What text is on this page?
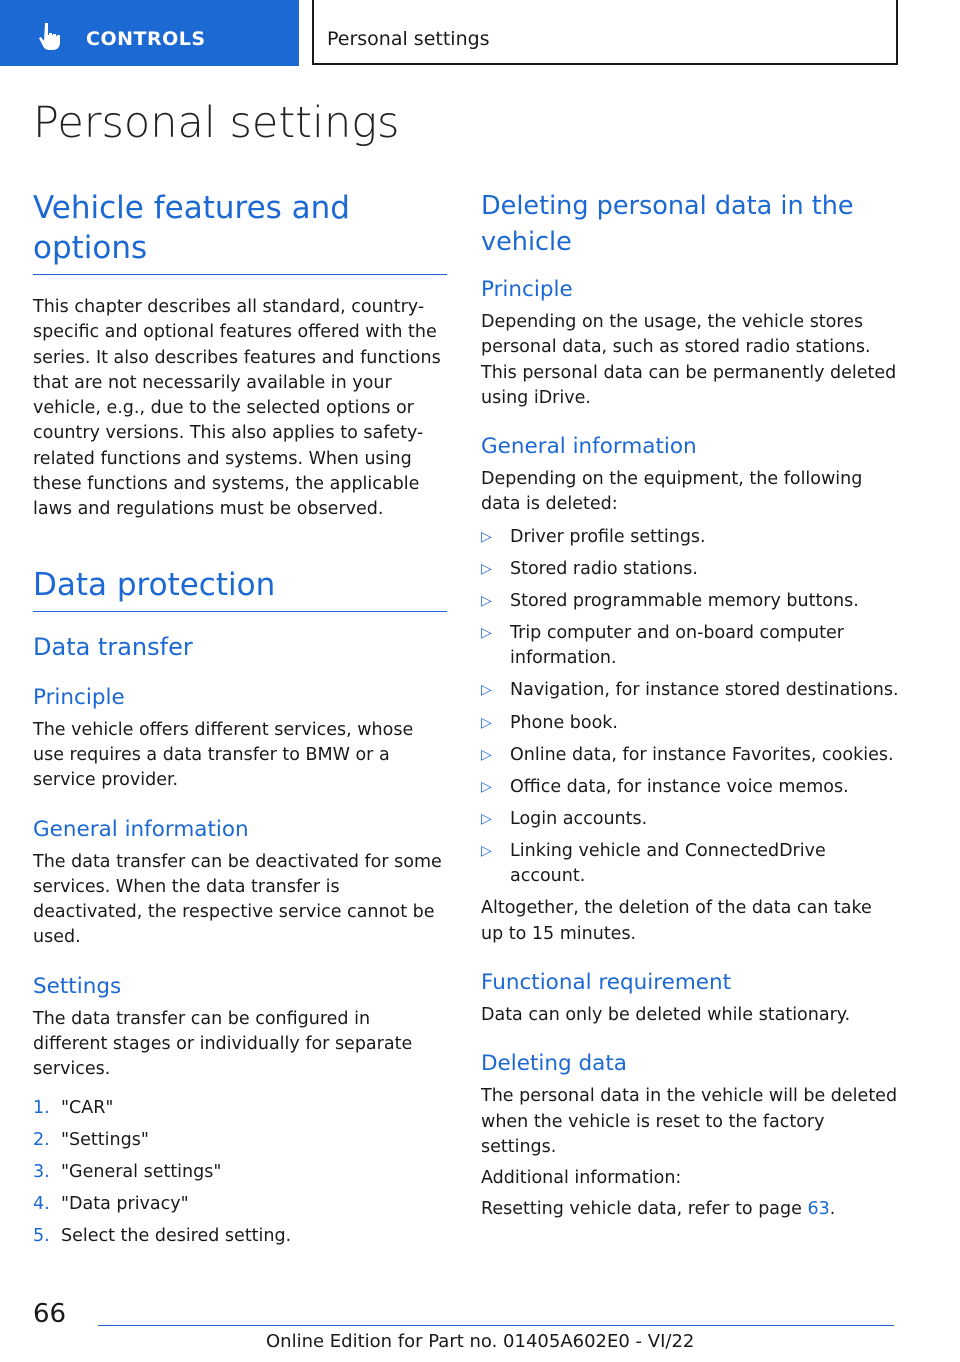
CONTROLS	Personal settings
Personal settings
Vehicle features and options

This chapter describes all standard, country-specific and optional features offered with the series. It also describes features and functions that are not necessarily available in your vehicle, e.g., due to the selected options or country versions. This also applies to safety-related functions and systems. When using these functions and systems, the applicable laws and regulations must be observed.

Data protection
Data transfer
Principle

The vehicle offers different services, whose use requires a data transfer to BMW or a service provider.

General information

The data transfer can be deactivated for some services. When the data transfer is deactivated, the respective service cannot be used.

Settings

The data transfer can be configured in different stages or individually for separate services.

1. "CAR"
2. "Settings"
3. "General settings"
4. "Data privacy"
5. Select the desired setting.
Deleting personal data in the vehicle
Principle

Depending on the usage, the vehicle stores personal data, such as stored radio stations. This personal data can be permanently deleted using iDrive.

General information

Depending on the equipment, the following data is deleted:

▷	Driver profile settings.
▷	Stored radio stations.
▷	Stored programmable memory buttons.
▷	Trip computer and on-board computer information.
▷	Navigation, for instance stored destinations.
▷	Phone book.
▷	Online data, for instance Favorites, cookies.
▷	Office data, for instance voice memos.
▷	Login accounts.
▷	Linking vehicle and ConnectedDrive account.

Altogether, the deletion of the data can take up to 15 minutes.

Functional requirement

Data can only be deleted while stationary.

Deleting data

The personal data in the vehicle will be deleted when the vehicle is reset to the factory settings.

Additional information:

Resetting vehicle data, refer to page 63.

66
Online Edition for Part no. 01405A602E0 - VI/22
